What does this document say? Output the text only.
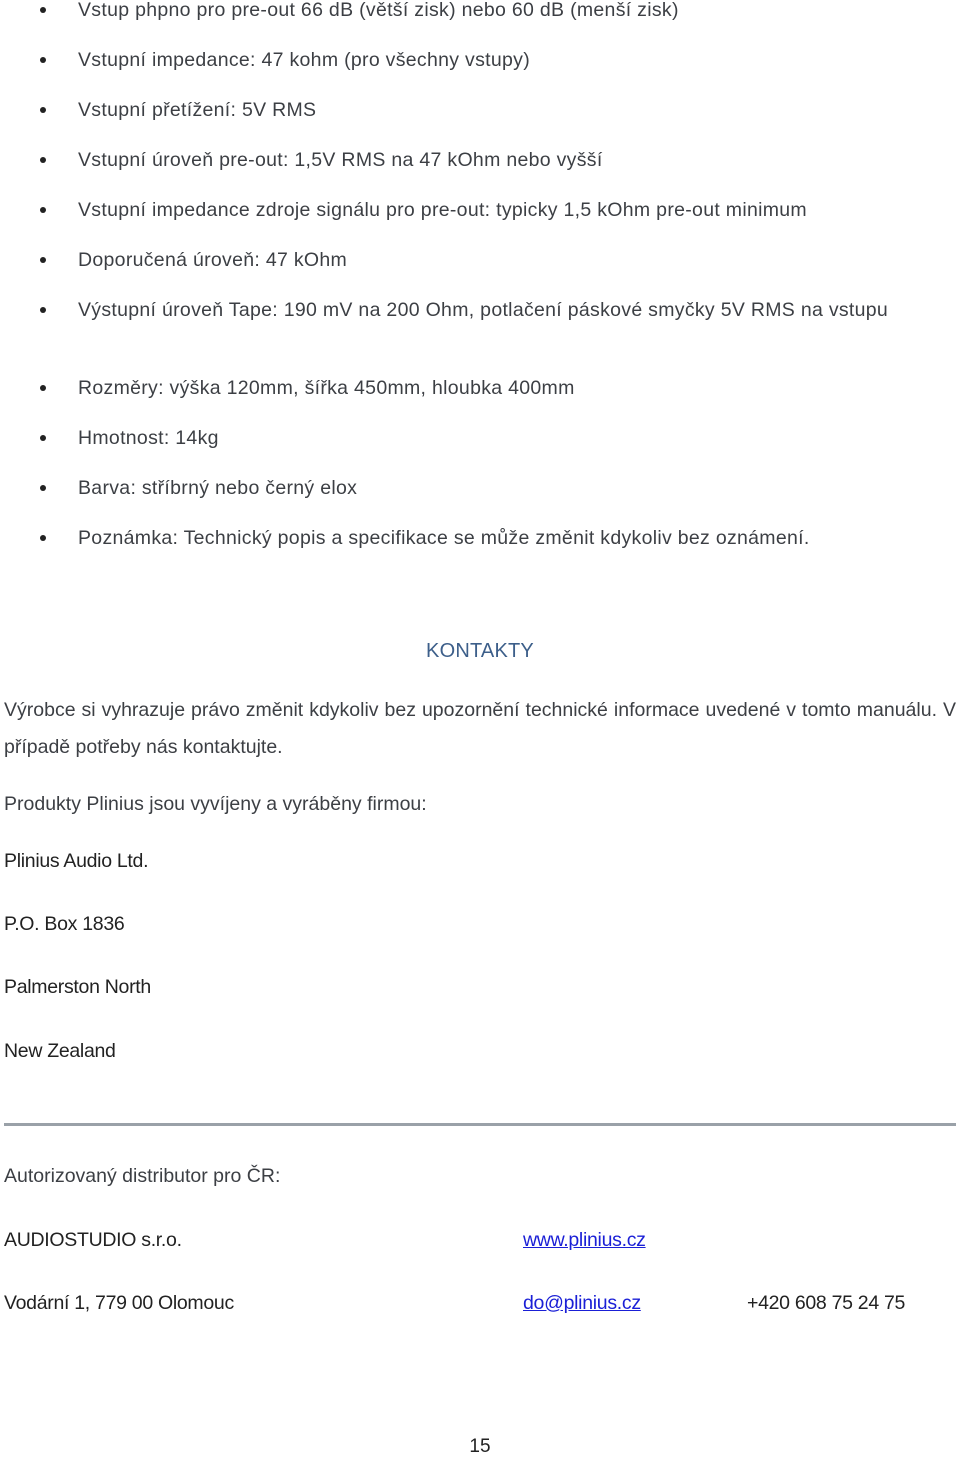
Vstup phpno pro pre-out 66 dB (větší zisk) nebo 60 dB (menší zisk)
Vstupní impedance: 47 kohm (pro všechny vstupy)
Vstupní přetížení: 5V RMS
Vstupní úroveň pre-out: 1,5V RMS na 47 kOhm nebo vyšší
Vstupní impedance zdroje signálu pro pre-out: typicky 1,5 kOhm pre-out minimum
Doporučená úroveň: 47 kOhm
Výstupní úroveň Tape: 190 mV na 200 Ohm, potlačení páskové smyčky 5V RMS na vstupu
Rozměry: výška 120mm, šířka 450mm, hloubka 400mm
Hmotnost: 14kg
Barva: stříbrný nebo černý elox
Poznámka: Technický popis a specifikace se může změnit kdykoliv bez oznámení.
KONTAKTY
Výrobce si vyhrazuje právo změnit kdykoliv bez upozornění technické informace uvedené v tomto manuálu. V případě potřeby nás kontaktujte.
Produkty Plinius jsou vyvíjeny a vyráběny firmou:
Plinius Audio Ltd.
P.O. Box 1836
Palmerston North
New Zealand
Autorizovaný distributor pro ČR:
AUDIOSTUDIO s.r.o.	www.plinius.cz
Vodární 1, 779 00 Olomouc	do@plinius.cz	+420 608 75 24 75
15
